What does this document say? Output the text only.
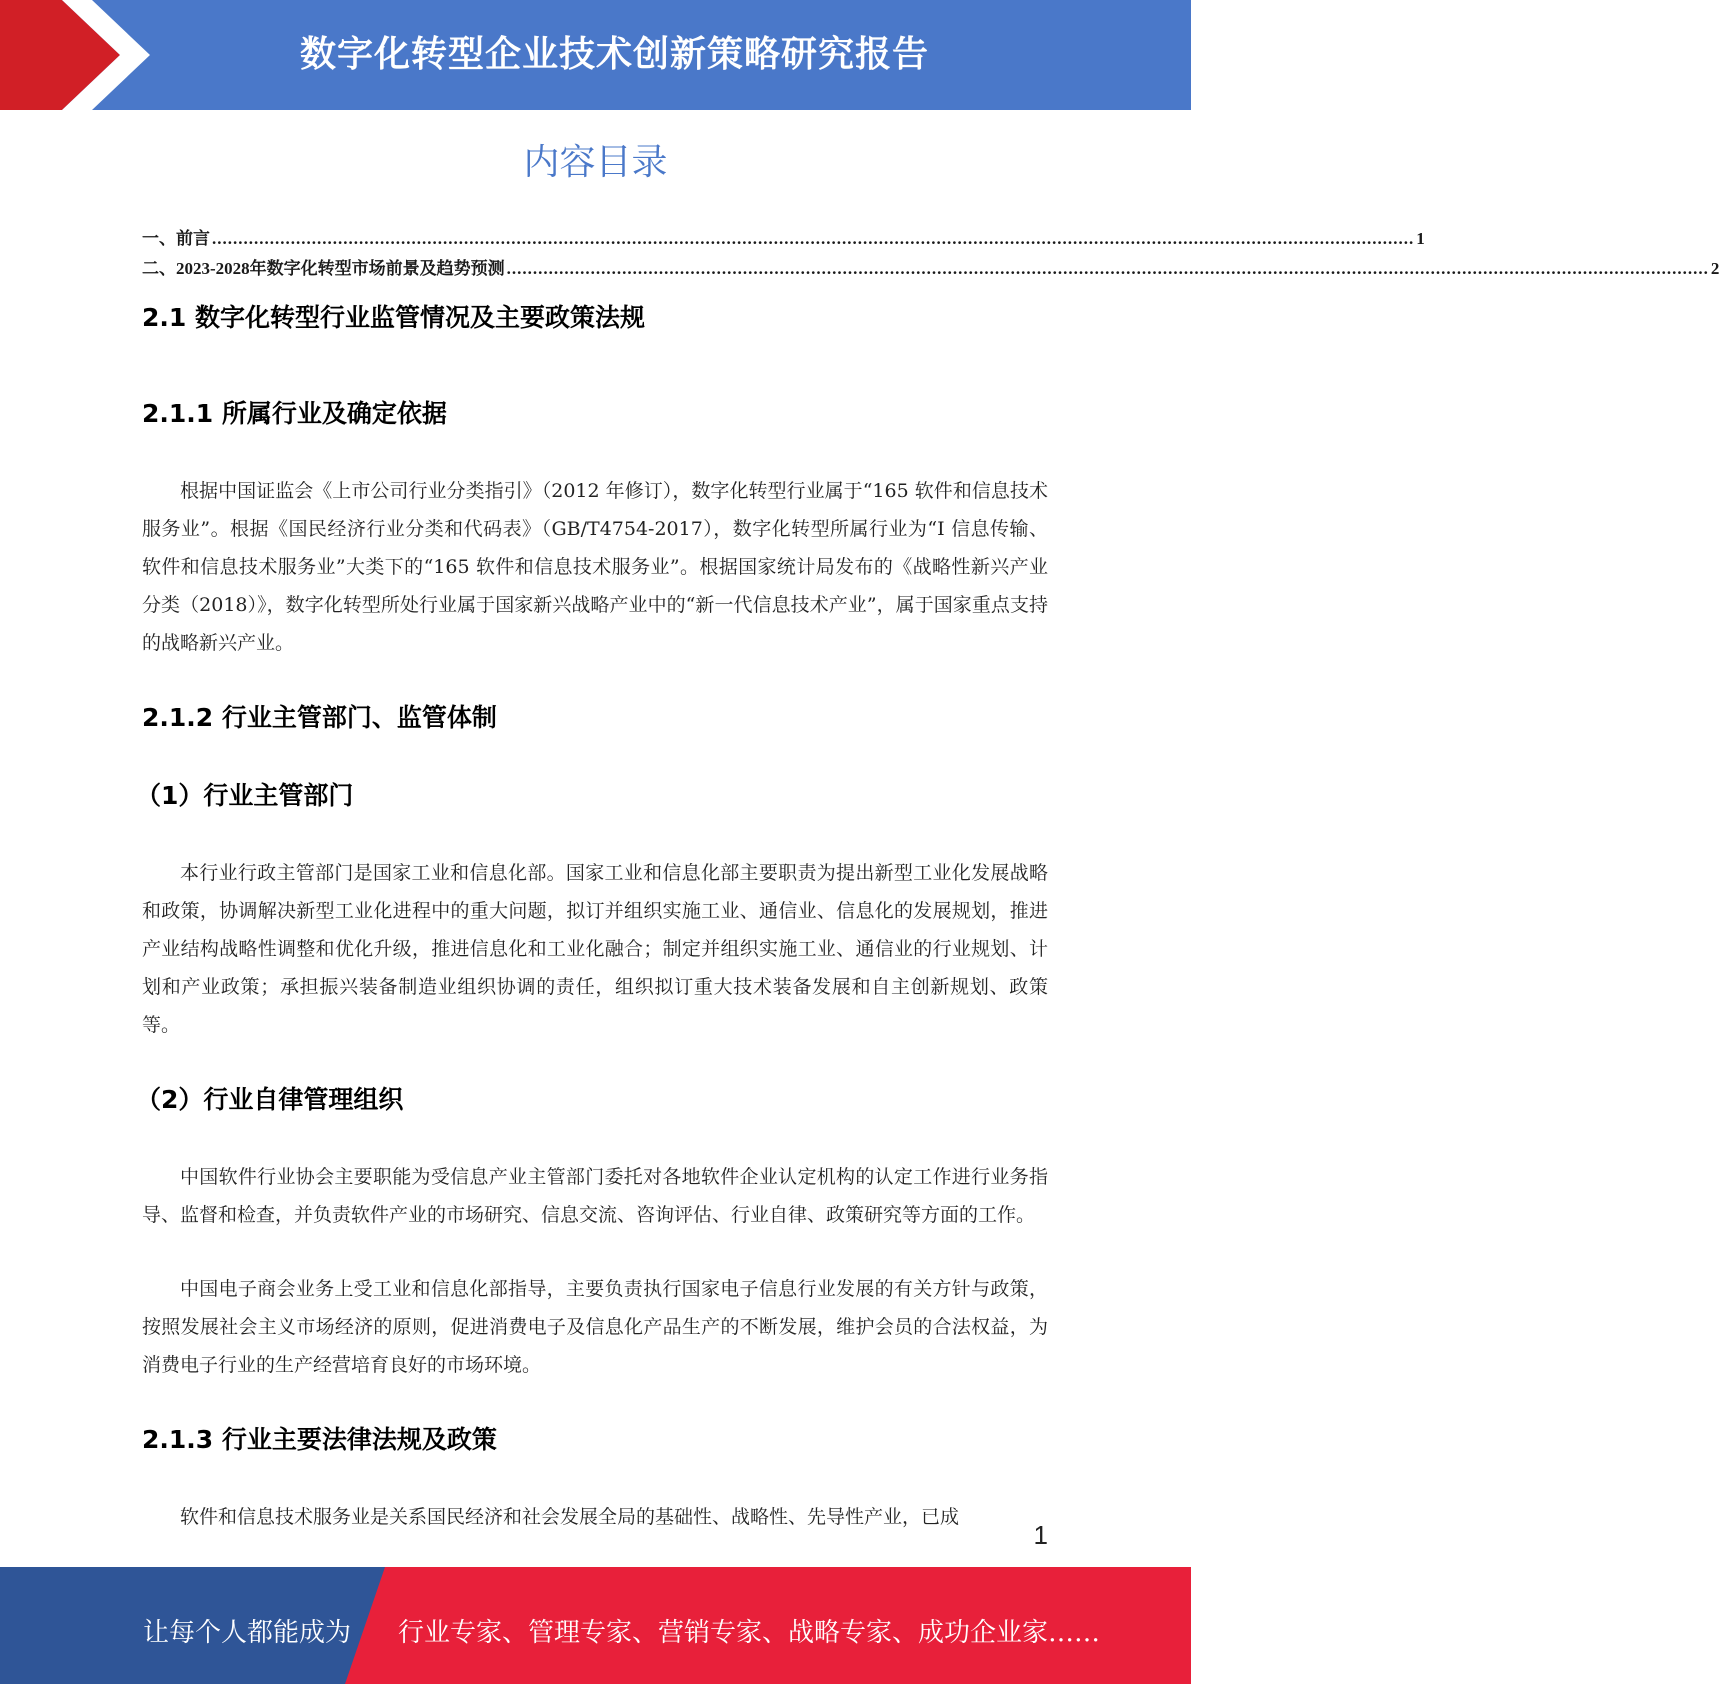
数字化转型企业技术创新策略研究报告
内容目录
一、前言 ..................................................................................................................................................................................................................................... 1
二、2023-2028年数字化转型市场前景及趋势预测 ..................................................................................................................................................................................................................................... 2
2.1 数字化转型行业监管情况及主要政策法规
2.1.1 所属行业及确定依据

根据中国证监会《上市公司行业分类指引》（2012 年修订），数字化转型行业属于“165 软件和信息技术服务业”。根据《国民经济行业分类和代码表》（GB/T4754-2017），数字化转型所属行业为“I 信息传输、软件和信息技术服务业”大类下的“165 软件和信息技术服务业”。根据国家统计局发布的《战略性新兴产业分类（2018）》，数字化转型所处行业属于国家新兴战略产业中的“新一代信息技术产业”，属于国家重点支持的战略新兴产业。

2.1.2 行业主管部门、监管体制
（1）行业主管部门

本行业行政主管部门是国家工业和信息化部。国家工业和信息化部主要职责为提出新型工业化发展战略和政策，协调解决新型工业化进程中的重大问题，拟订并组织实施工业、通信业、信息化的发展规划，推进产业结构战略性调整和优化升级，推进信息化和工业化融合；制定并组织实施工业、通信业的行业规划、计划和产业政策；承担振兴装备制造业组织协调的责任，组织拟订重大技术装备发展和自主创新规划、政策等。

（2）行业自律管理组织

中国软件行业协会主要职能为受信息产业主管部门委托对各地软件企业认定机构的认定工作进行业务指导、监督和检查，并负责软件产业的市场研究、信息交流、咨询评估、行业自律、政策研究等方面的工作。

中国电子商会业务上受工业和信息化部指导，主要负责执行国家电子信息行业发展的有关方针与政策，按照发展社会主义市场经济的原则，促进消费电子及信息化产品生产的不断发展，维护会员的合法权益，为消费电子行业的生产经营培育良好的市场环境。

2.1.3 行业主要法律法规及政策

软件和信息技术服务业是关系国民经济和社会发展全局的基础性、战略性、先导性产业，已成

1
让每个人都能成为 行业专家、管理专家、营销专家、战略专家、成功企业家……
